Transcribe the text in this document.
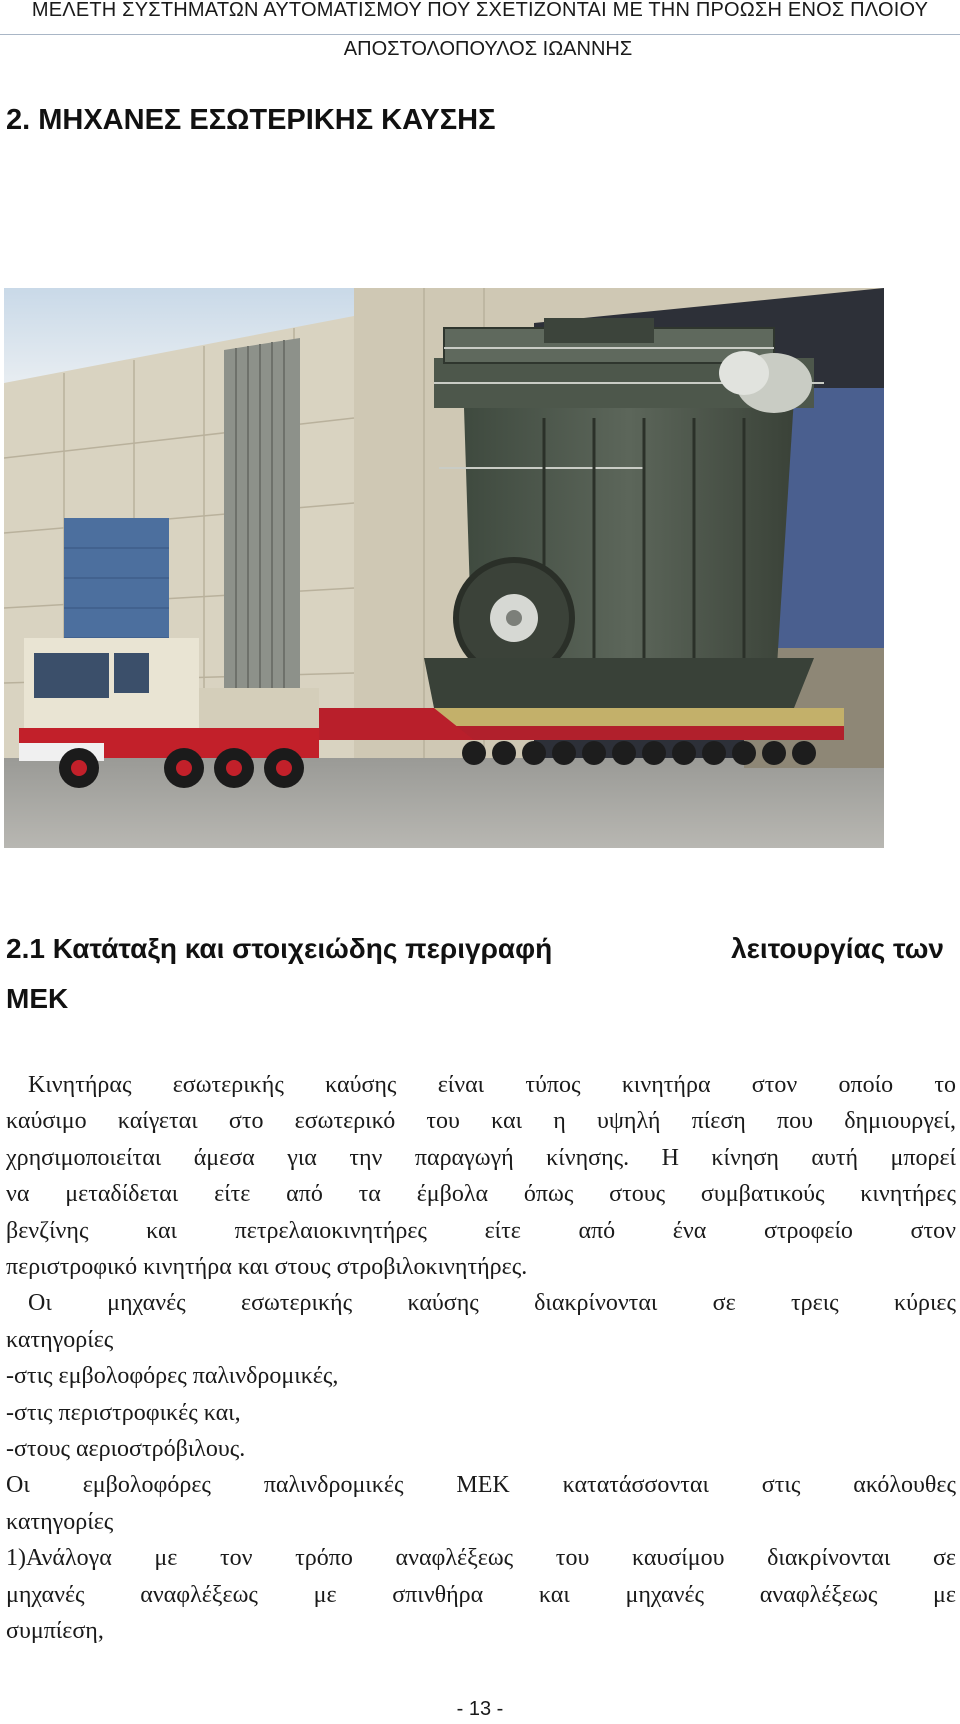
ΜΕΛΕΤΗ ΣΥΣΤΗΜΑΤΩΝ ΑΥΤΟΜΑΤΙΣΜΟΥ ΠΟΥ ΣΧΕΤΙΖΟΝΤΑΙ ΜΕ ΤΗΝ ΠΡΟΩΣΗ ΕΝΟΣ ΠΛΟΙΟΥ
ΑΠΟΣΤΟΛΟΠΟΥΛΟΣ ΙΩΑΝΝΗΣ
2. ΜΗΧΑΝΕΣ ΕΣΩΤΕΡΙΚΗΣ ΚΑΥΣΗΣ
2.1 Κατάταξη και στοιχειώδης περιγραφή	λειτουργίας των
ΜΕΚ

Κινητήρας εσωτερικής καύσης είναι τύπος κινητήρα στον οποίο το

καύσιμο καίγεται στο εσωτερικό του και η υψηλή πίεση που δημιουργεί,

χρησιμοποιείται άμεσα για την παραγωγή κίνησης. Η κίνηση αυτή μπορεί

να μεταδίδεται είτε από τα έμβολα όπως στους συμβατικούς κινητήρες

βενζίνης και πετρελαιοκινητήρες είτε από ένα στροφείο στον

περιστροφικό κινητήρα και στους στροβιλοκινητήρες.

Οι μηχανές εσωτερικής καύσης διακρίνονται σε τρεις κύριες

κατηγορίες

-στις εμβολοφόρες παλινδρομικές,

-στις περιστροφικές και,

-στους αεριοστρόβιλους.

Οι εμβολοφόρες παλινδρομικές ΜΕΚ κατατάσσονται στις ακόλουθες

κατηγορίες

1)Ανάλογα με τον τρόπο αναφλέξεως του καυσίμου διακρίνονται σε

μηχανές αναφλέξεως με σπινθήρα και μηχανές αναφλέξεως με

συμπίεση,

- 13 -
